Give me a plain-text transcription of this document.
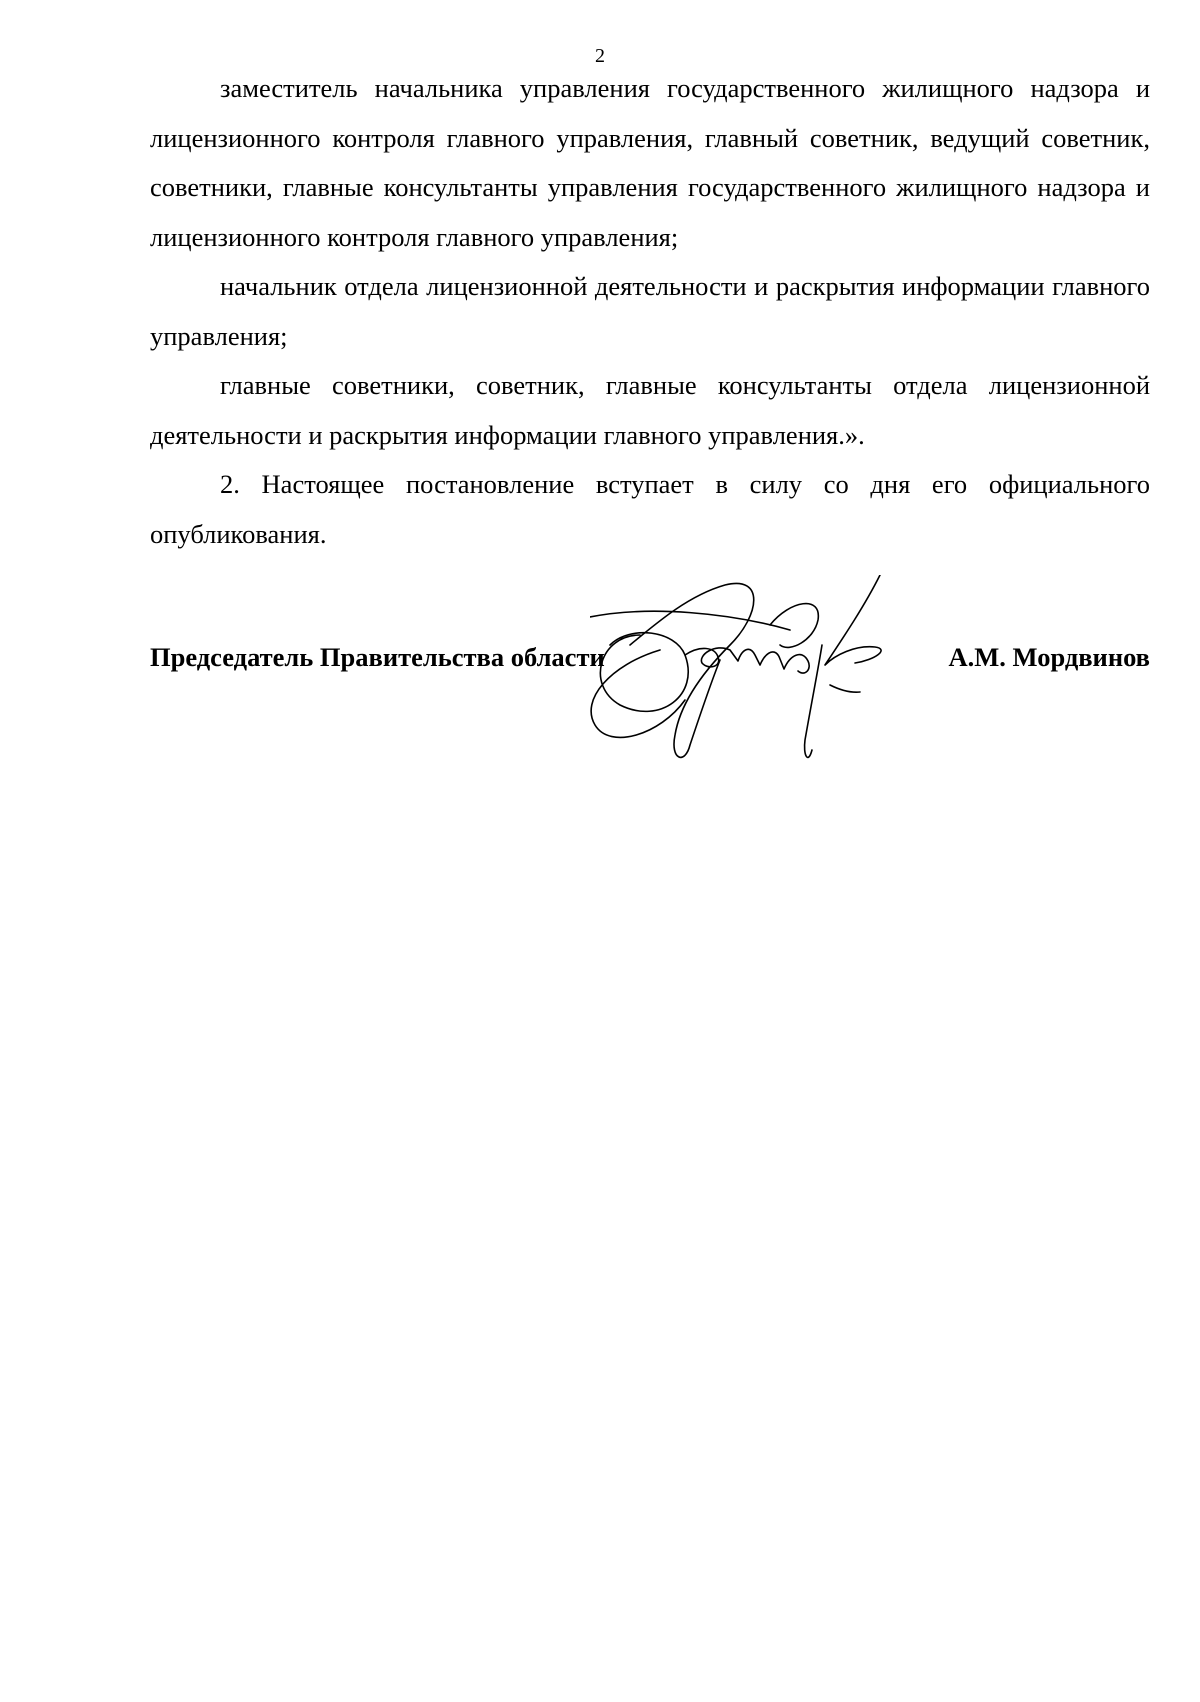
2

заместитель начальника управления государственного жилищного надзора и лицензионного контроля главного управления, главный советник, ведущий советник, советники, главные консультанты управления государственного жилищного надзора и лицензионного контроля главного управления;

начальник отдела лицензионной деятельности и раскрытия информации главного управления;

главные советники, советник, главные консультанты отдела лицензионной деятельности и раскрытия информации главного управления.».

2. Настоящее постановление вступает в силу со дня его официального опубликования.

Председатель Правительства области	А.М. Мордвинов
